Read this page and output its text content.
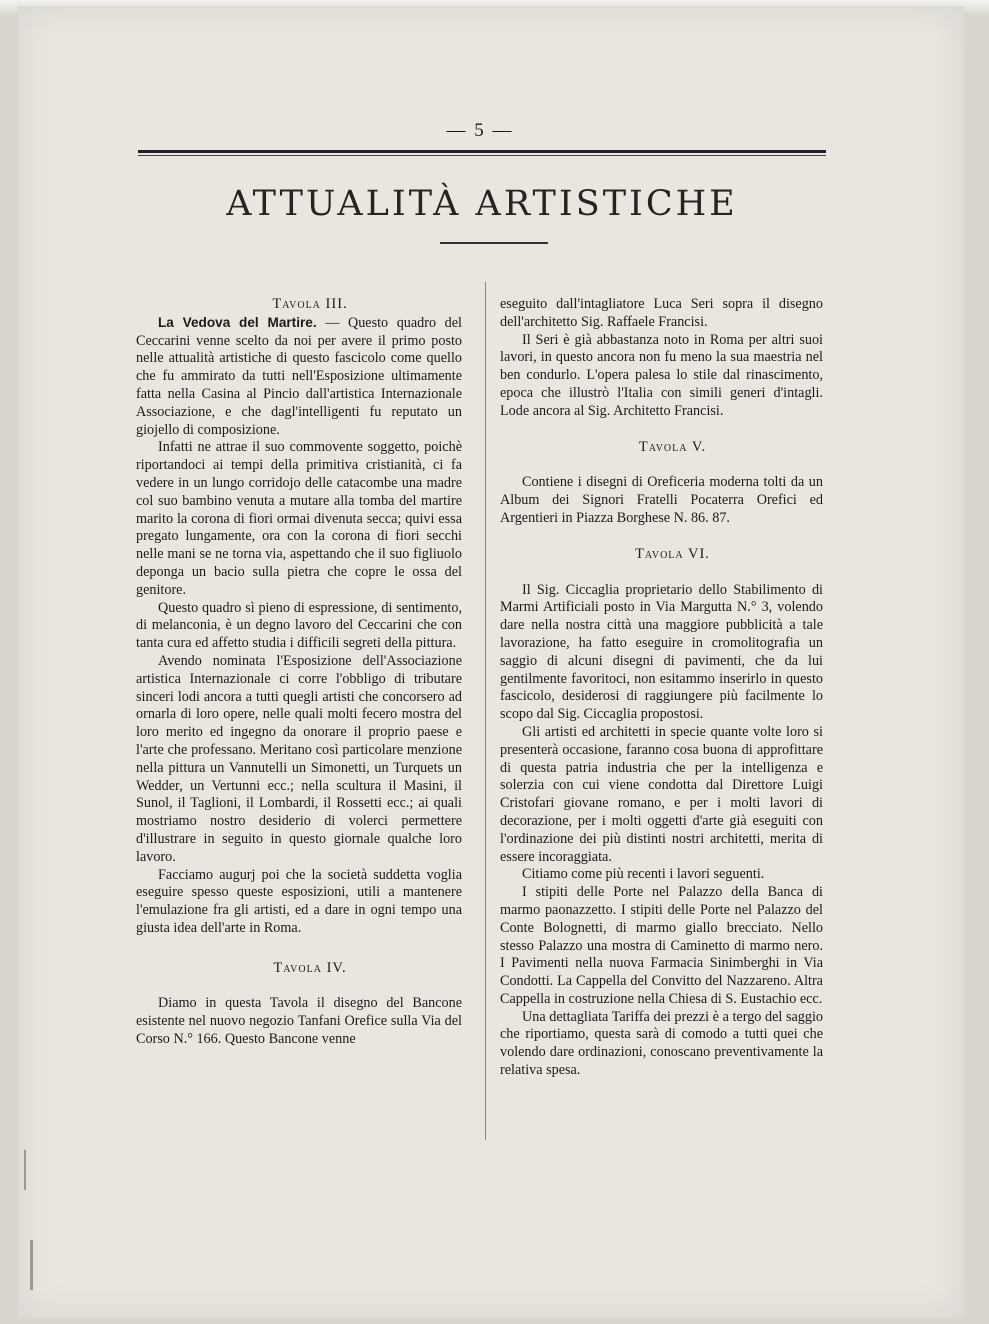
— 5 —
ATTUALITÀ ARTISTICHE

Tavola III.

La Vedova del Martire. — Questo quadro del Ceccarini venne scelto da noi per avere il primo posto nelle attualità artistiche di questo fascicolo come quello che fu ammirato da tutti nell'Esposizione ultimamente fatta nella Casina al Pincio dall'artistica Internazionale Associazione, e che dagl'intelligenti fu reputato un giojello di composizione.

Infatti ne attrae il suo commovente soggetto, poichè riportandoci ai tempi della primitiva cristianità, ci fa vedere in un lungo corridojo delle catacombe una madre col suo bambino venuta a mutare alla tomba del martire marito la corona di fiori ormai divenuta secca; quivi essa pregato lungamente, ora con la corona di fiori secchi nelle mani se ne torna via, aspettando che il suo figliuolo deponga un bacio sulla pietra che copre le ossa del genitore.

Questo quadro sì pieno di espressione, di sentimento, di melanconia, è un degno lavoro del Ceccarini che con tanta cura ed affetto studia i difficili segreti della pittura.

Avendo nominata l'Esposizione dell'Associazione artistica Internazionale ci corre l'obbligo di tributare sinceri lodi ancora a tutti quegli artisti che concorsero ad ornarla di loro opere, nelle quali molti fecero mostra del loro merito ed ingegno da onorare il proprio paese e l'arte che professano. Meritano così particolare menzione nella pittura un Vannutelli un Simonetti, un Turquets un Wedder, un Vertunni ecc.; nella scultura il Masini, il Sunol, il Taglioni, il Lombardi, il Rossetti ecc.; ai quali mostriamo nostro desiderio di volerci permettere d'illustrare in seguito in questo giornale qualche loro lavoro.

Facciamo augurj poi che la società suddetta voglia eseguire spesso queste esposizioni, utili a mantenere l'emulazione fra gli artisti, ed a dare in ogni tempo una giusta idea dell'arte in Roma.

Tavola IV.

Diamo in questa Tavola il disegno del Bancone esistente nel nuovo negozio Tanfani Orefice sulla Via del Corso N.° 166. Questo Bancone venne

eseguito dall'intagliatore Luca Seri sopra il disegno dell'architetto Sig. Raffaele Francisi.

Il Seri è già abbastanza noto in Roma per altri suoi lavori, in questo ancora non fu meno la sua maestria nel ben condurlo. L'opera palesa lo stile dal rinascimento, epoca che illustrò l'Italia con simili generi d'intagli. Lode ancora al Sig. Architetto Francisi.

Tavola V.

Contiene i disegni di Oreficeria moderna tolti da un Album dei Signori Fratelli Pocaterra Orefici ed Argentieri in Piazza Borghese N. 86. 87.

Tavola VI.

Il Sig. Ciccaglia proprietario dello Stabilimento di Marmi Artificiali posto in Via Margutta N.° 3, volendo dare nella nostra città una maggiore pubblicità a tale lavorazione, ha fatto eseguire in cromolitografia un saggio di alcuni disegni di pavimenti, che da lui gentilmente favoritoci, non esitammo inserirlo in questo fascicolo, desiderosi di raggiungere più facilmente lo scopo dal Sig. Ciccaglia propostosi.

Gli artisti ed architetti in specie quante volte loro si presenterà occasione, faranno cosa buona di approfittare di questa patria industria che per la intelligenza e solerzia con cui viene condotta dal Direttore Luigi Cristofari giovane romano, e per i molti lavori di decorazione, per i molti oggetti d'arte già eseguiti con l'ordinazione dei più distinti nostri architetti, merita di essere incoraggiata.

Citiamo come più recenti i lavori seguenti.

I stipiti delle Porte nel Palazzo della Banca di marmo paonazzetto. I stipiti delle Porte nel Palazzo del Conte Bolognetti, di marmo giallo brecciato. Nello stesso Palazzo una mostra di Caminetto di marmo nero. I Pavimenti nella nuova Farmacia Sinimberghi in Via Condotti. La Cappella del Convitto del Nazzareno. Altra Cappella in costruzione nella Chiesa di S. Eustachio ecc.

Una dettagliata Tariffa dei prezzi è a tergo del saggio che riportiamo, questa sarà di comodo a tutti quei che volendo dare ordinazioni, conoscano preventivamente la relativa spesa.
